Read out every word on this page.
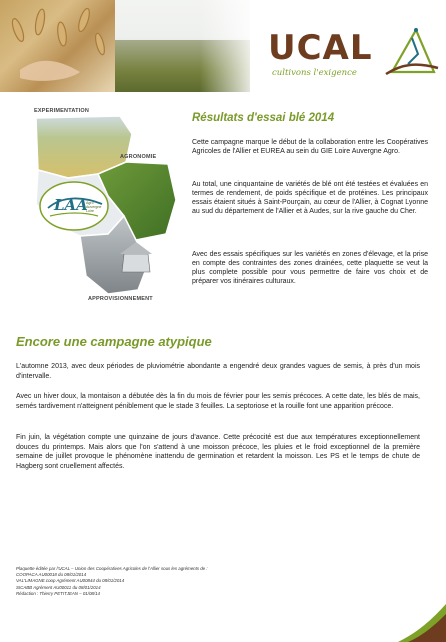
UCAL
cultivons l'exigence
EXPERIMENTATION
AGRONOMIE
APPROVISIONNEMENT
LAA
Agro
Auvergne
Loire
Résultats d'essai blé 2014

Cette campagne marque le début de la collaboration entre les Coopératives Agricoles de l'Allier et EUREA au sein du GIE Loire Auvergne Agro.

Au total, une cinquantaine de variétés de blé ont été testées et évaluées en termes de rendement, de poids spécifique et de protéines. Les principaux essais étaient situés à Saint-Pourçain, au cœur de l'Allier, à Cognat Lyonne au sud du département de l'Allier et à Audes, sur la rive gauche du Cher.

Avec des essais spécifiques sur les variétés en zones d'élevage, et la prise en compte des contraintes des zones drainées, cette plaquette se veut la plus complete possible pour vous permettre de faire vos choix et de préparer vos itinéraires culturaux.

Encore une campagne atypique

L'automne 2013, avec deux périodes de pluviométrie abondante a engendré deux grandes vagues de semis, à près d'un mois d'intervalle.

Avec un hiver doux, la montaison a débutée dès la fin du mois de février pour les semis précoces. A cette date, les blés de mais, semés tardivement n'atteignent péniblement que le stade 3 feuilles. La septoriose et la rouille font une apparition précoce.

Fin juin, la végétation compte une quinzaine de jours d'avance. Cette précocité est due aux températures exceptionnellement douces du printemps. Mais alors que l'on s'attend à une moisson précoce, les pluies et le froid exceptionnel de la première semaine de juillet provoque le phénomène inattendu de germination et retardent la moisson. Les PS et le temps de chute de Hagberg sont cruellement affectés.

Plaquette éditée par l'UCAL – Union des Coopératives Agricoles de l'Allier sous les agréments de :
COOPACA AU00018 du 08/01/2014
VAL'LIMAGNE.coop Agrément AU00844 du 08/01/2014
SICABB Agrément AU00011 du 08/01/2014
Rédaction : Thierry PETITJEAN – 01/08/14
